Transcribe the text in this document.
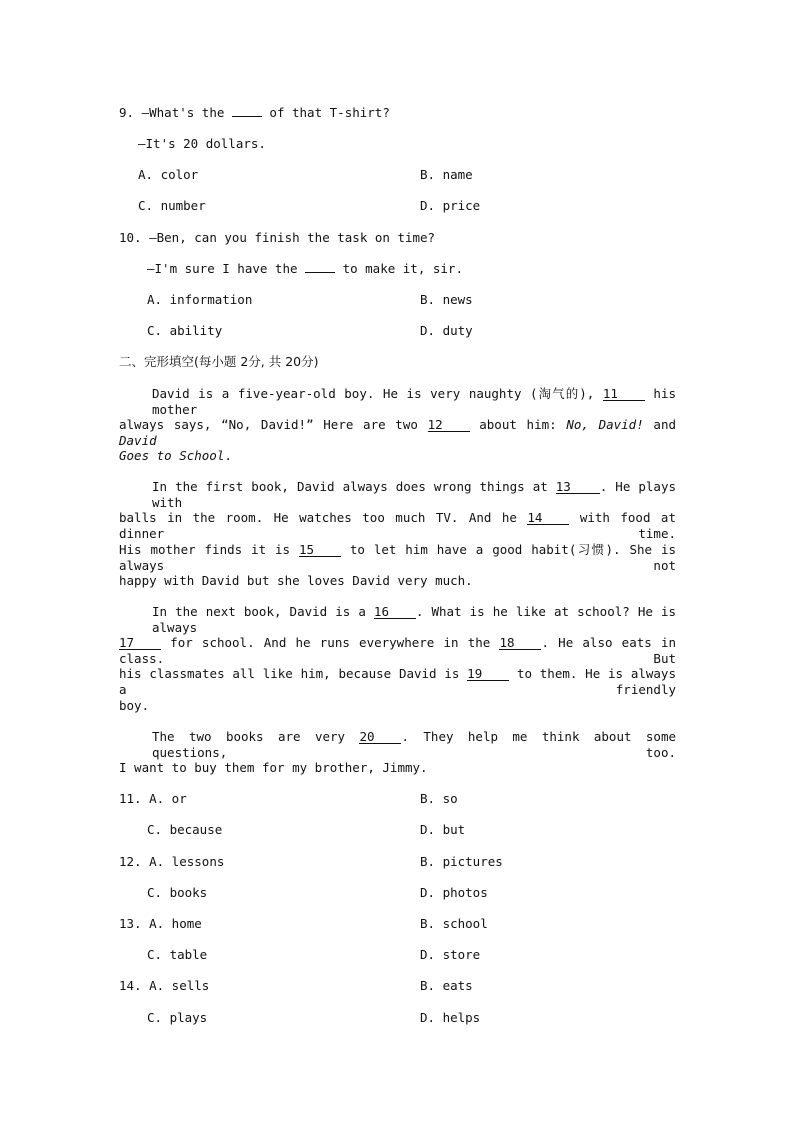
9. —What's the  of that T-shirt?
—It's 20 dollars.
A. color	B. name
C. number	D. price
10. —Ben, can you finish the task on time?
—I'm sure I have the  to make it, sir.
A. information	B. news
C. ability	D. duty
二、完形填空(每小题 2分, 共 20分)
David is a five-year-old boy. He is very naughty (淘气的), 11 his mother
always says, “No, David!” Here are two 12 about him: No, David! and David
Goes to School.
In the first book, David always does wrong things at 13 . He plays with
balls in the room. He watches too much TV. And he 14 with food at dinner time.
His mother finds it is 15 to let him have a good habit(习惯). She is always not
happy with David but she loves David very much.
In the next book, David is a 16 . What is he like at school? He is always
17 for school. And he runs everywhere in the 18 . He also eats in class. But
his classmates all like him, because David is 19 to them. He is always a friendly
boy.
The two books are very 20 . They help me think about some questions, too.
I want to buy them for my brother, Jimmy.
11. A. or	B. so
C. because	D. but
12. A. lessons	B. pictures
C. books	D. photos
13. A. home	B. school
C. table	D. store
14. A. sells	B. eats
C. plays	D. helps
